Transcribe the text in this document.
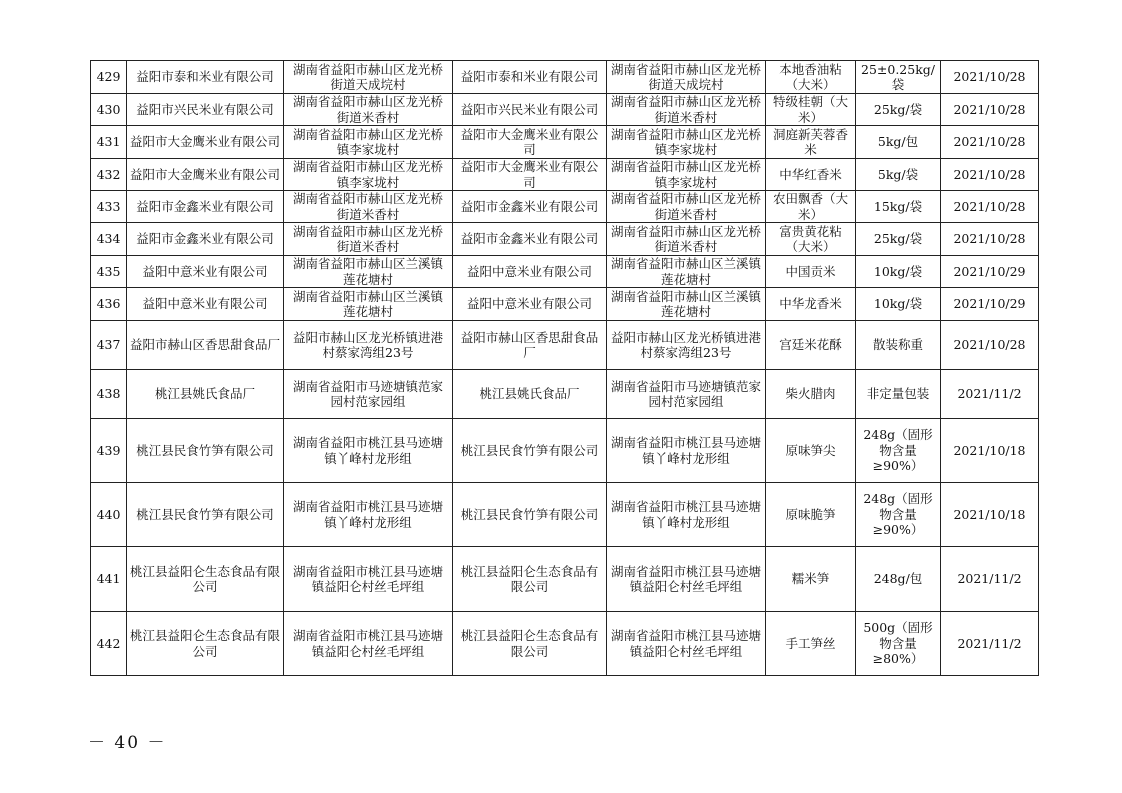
429	益阳市泰和米业有限公司	湖南省益阳市赫山区龙光桥街道天成垸村	益阳市泰和米业有限公司	湖南省益阳市赫山区龙光桥街道天成垸村	本地香油粘（大米）	25±0.25kg/袋	2021/10/28
430	益阳市兴民米业有限公司	湖南省益阳市赫山区龙光桥街道米香村	益阳市兴民米业有限公司	湖南省益阳市赫山区龙光桥街道米香村	特级桂朝（大米）	25kg/袋	2021/10/28
431	益阳市大金鹰米业有限公司	湖南省益阳市赫山区龙光桥镇李家垅村	益阳市大金鹰米业有限公司	湖南省益阳市赫山区龙光桥镇李家垅村	洞庭新芙蓉香米	5kg/包	2021/10/28
432	益阳市大金鹰米业有限公司	湖南省益阳市赫山区龙光桥镇李家垅村	益阳市大金鹰米业有限公司	湖南省益阳市赫山区龙光桥镇李家垅村	中华红香米	5kg/袋	2021/10/28
433	益阳市金鑫米业有限公司	湖南省益阳市赫山区龙光桥街道米香村	益阳市金鑫米业有限公司	湖南省益阳市赫山区龙光桥街道米香村	农田飘香（大米）	15kg/袋	2021/10/28
434	益阳市金鑫米业有限公司	湖南省益阳市赫山区龙光桥街道米香村	益阳市金鑫米业有限公司	湖南省益阳市赫山区龙光桥街道米香村	富贵黄花粘（大米）	25kg/袋	2021/10/28
435	益阳中意米业有限公司	湖南省益阳市赫山区兰溪镇莲花塘村	益阳中意米业有限公司	湖南省益阳市赫山区兰溪镇莲花塘村	中国贡米	10kg/袋	2021/10/29
436	益阳中意米业有限公司	湖南省益阳市赫山区兰溪镇莲花塘村	益阳中意米业有限公司	湖南省益阳市赫山区兰溪镇莲花塘村	中华龙香米	10kg/袋	2021/10/29
437	益阳市赫山区香思甜食品厂	益阳市赫山区龙光桥镇进港村蔡家湾组23号	益阳市赫山区香思甜食品厂	益阳市赫山区龙光桥镇进港村蔡家湾组23号	宫廷米花酥	散装称重	2021/10/28
438	桃江县姚氏食品厂	湖南省益阳市马迹塘镇范家园村范家园组	桃江县姚氏食品厂	湖南省益阳市马迹塘镇范家园村范家园组	柴火腊肉	非定量包装	2021/11/2
439	桃江县民食竹笋有限公司	湖南省益阳市桃江县马迹塘镇丫峰村龙形组	桃江县民食竹笋有限公司	湖南省益阳市桃江县马迹塘镇丫峰村龙形组	原味笋尖	248g（固形物含量≥90%）	2021/10/18
440	桃江县民食竹笋有限公司	湖南省益阳市桃江县马迹塘镇丫峰村龙形组	桃江县民食竹笋有限公司	湖南省益阳市桃江县马迹塘镇丫峰村龙形组	原味脆笋	248g（固形物含量≥90%）	2021/10/18
441	桃江县益阳仑生态食品有限公司	湖南省益阳市桃江县马迹塘镇益阳仑村丝毛坪组	桃江县益阳仑生态食品有限公司	湖南省益阳市桃江县马迹塘镇益阳仑村丝毛坪组	糯米笋	248g/包	2021/11/2
442	桃江县益阳仑生态食品有限公司	湖南省益阳市桃江县马迹塘镇益阳仑村丝毛坪组	桃江县益阳仑生态食品有限公司	湖南省益阳市桃江县马迹塘镇益阳仑村丝毛坪组	手工笋丝	500g（固形物含量≥80%）	2021/11/2
－ 40 －
